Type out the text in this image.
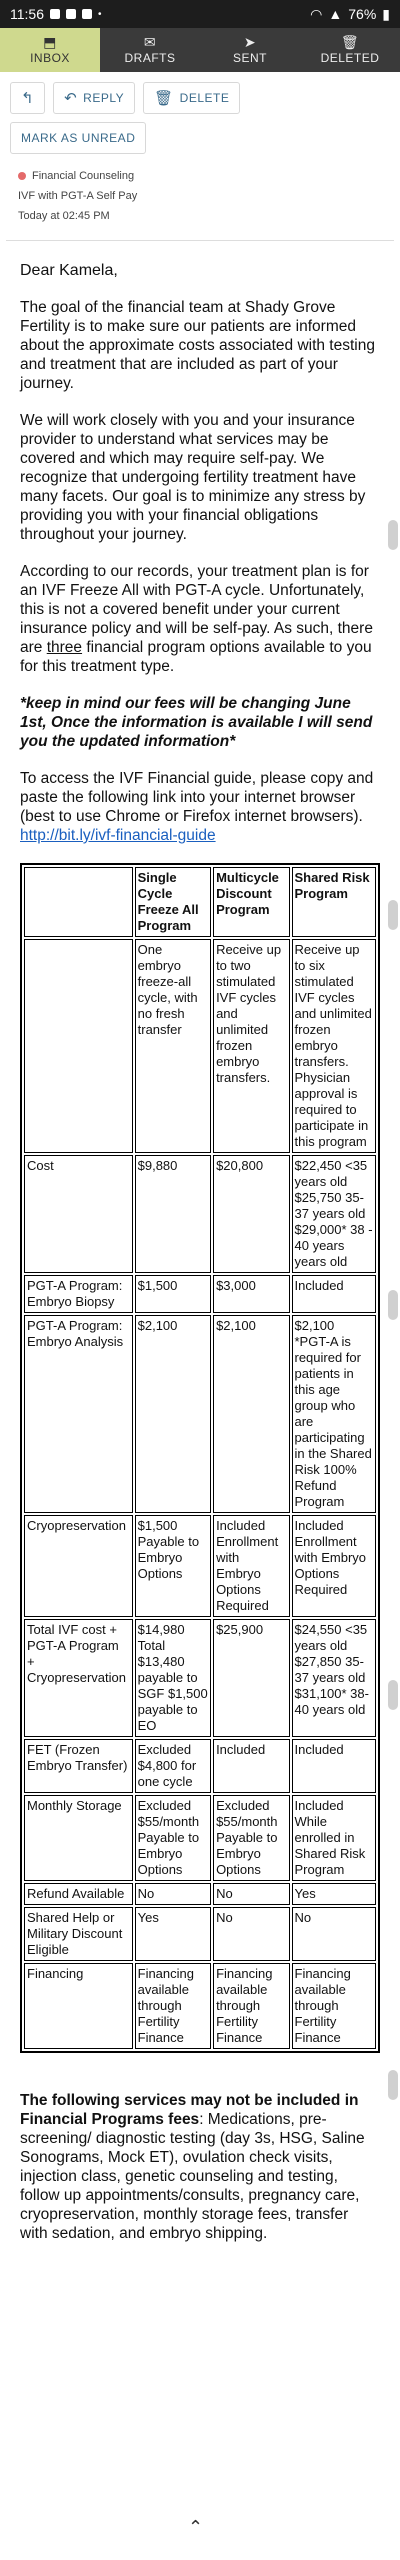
11:56	•	◠ ▲ 76% ▮
⬒
INBOX
✉
DRAFTS
➤
SENT
🗑
DELETED
↰ ↶ REPLY 🗑 DELETE
MARK AS UNREAD
Financial Counseling
IVF with PGT-A Self Pay
Today at 02:45 PM

Dear Kamela,

The goal of the financial team at Shady Grove Fertility is to make sure our patients are informed about the approximate costs associated with testing and treatment that are included as part of your journey.

We will work closely with you and your insurance provider to understand what services may be covered and which may require self-pay. We recognize that undergoing fertility treatment have many facets. Our goal is to minimize any stress by providing you with your financial obligations throughout your journey.

According to our records, your treatment plan is for an IVF Freeze All with PGT-A cycle. Unfortunately, this is not a covered benefit under your current insurance policy and will be self-pay. As such, there are three financial program options available to you for this treatment type.

*keep in mind our fees will be changing June 1st, Once the information is available I will send you the updated information*

To access the IVF Financial guide, please copy and paste the following link into your internet browser (best to use Chrome or Firefox internet browsers). http://bit.ly/ivf-financial-guide

	Single Cycle Freeze All Program	Multicycle Discount Program	Shared Risk Program
	One embryo freeze-all cycle, with no fresh transfer	Receive up to two stimulated IVF cycles and unlimited frozen embryo transfers.	Receive up to six stimulated IVF cycles and unlimited frozen embryo transfers. Physician approval is required to participate in this program
Cost	$9,880	$20,800	$22,450 <35 years old $25,750 35-37 years old $29,000* 38 - 40 years years old
PGT-A Program: Embryo Biopsy	$1,500	$3,000	Included
PGT-A Program: Embryo Analysis	$2,100	$2,100	$2,100 *PGT-A is required for patients in this age group who are participating in the Shared Risk 100% Refund Program
Cryopreservation	$1,500 Payable to Embryo Options	Included Enrollment with Embryo Options Required	Included Enrollment with Embryo Options Required
Total IVF cost + PGT-A Program + Cryopreservation	$14,980 Total $13,480 payable to SGF $1,500 payable to EO	$25,900	$24,550 <35 years old $27,850 35-37 years old $31,100* 38-40 years old
FET (Frozen Embryo Transfer)	Excluded $4,800 for one cycle	Included	Included
Monthly Storage	Excluded $55/month Payable to Embryo Options	Excluded $55/month Payable to Embryo Options	Included While enrolled in Shared Risk Program
Refund Available	No	No	Yes
Shared Help or Military Discount Eligible	Yes	No	No
Financing	Financing available through Fertility Finance	Financing available through Fertility Finance	Financing available through Fertility Finance

The following services may not be included in Financial Programs fees: Medications, pre-screening/ diagnostic testing (day 3s, HSG, Saline Sonograms, Mock ET), ovulation check visits, injection class, genetic counseling and testing, follow up appointments/consults, pregnancy care, cryopreservation, monthly storage fees, transfer with sedation, and embryo shipping.

⌃
